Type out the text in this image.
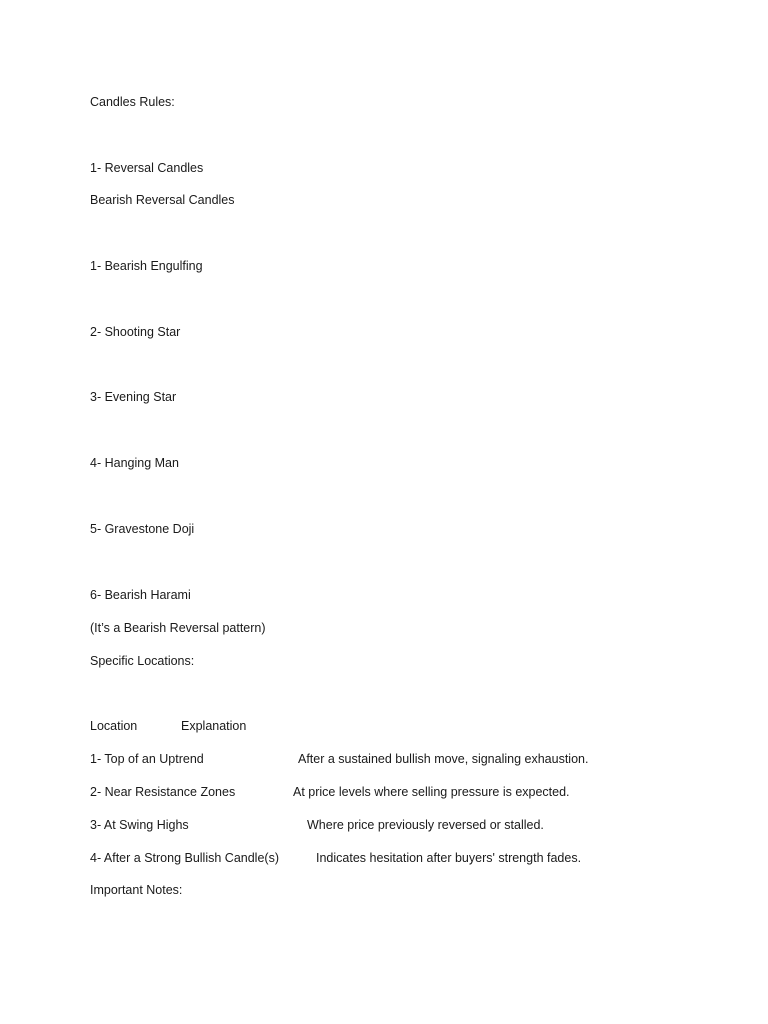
Candles Rules:
1- Reversal Candles
Bearish Reversal Candles
1- Bearish Engulfing
2- Shooting Star
3- Evening Star
4- Hanging Man
5- Gravestone Doji
6- Bearish Harami
(It’s a Bearish Reversal pattern)
Specific Locations:
Location	Explanation
1- Top of an Uptrend	After a sustained bullish move, signaling exhaustion.
2- Near Resistance Zones	At price levels where selling pressure is expected.
3- At Swing Highs	Where price previously reversed or stalled.
4- After a Strong Bullish Candle(s)	Indicates hesitation after buyers' strength fades.
Important Notes:
